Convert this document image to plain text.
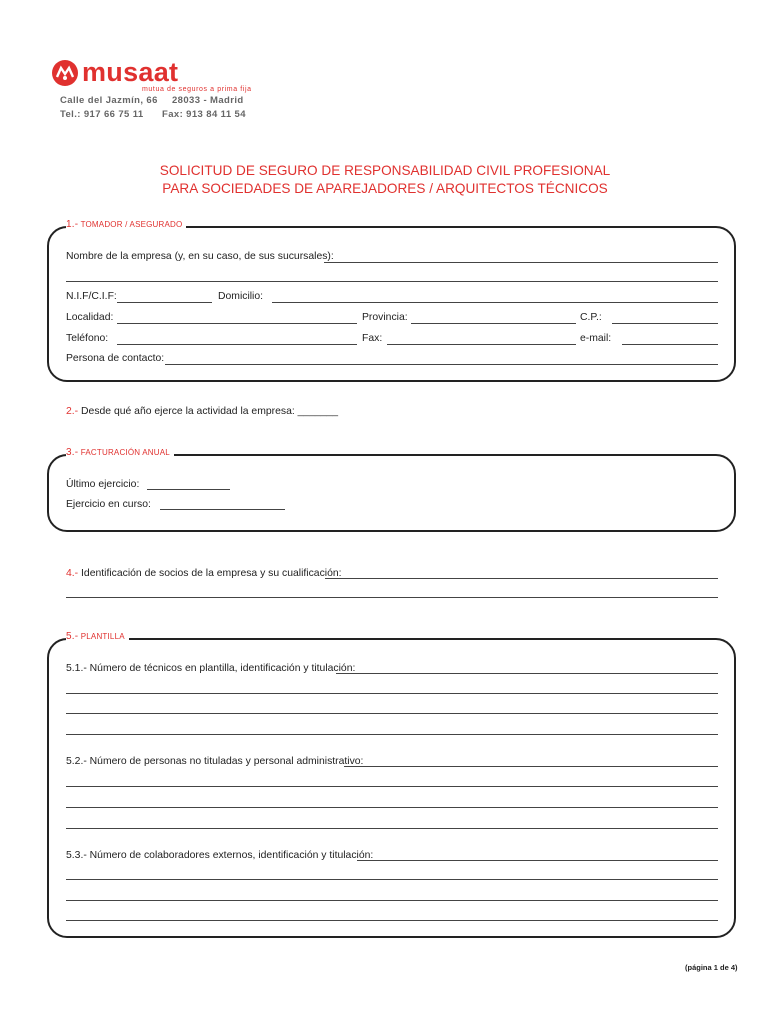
musaat
mutua de seguros a prima fija
Calle del Jazmín, 66 28033 - Madrid
Tel.: 917 66 75 11 Fax: 913 84 11 54
SOLICITUD DE SEGURO DE RESPONSABILIDAD CIVIL PROFESIONAL
PARA SOCIEDADES DE APAREJADORES / ARQUITECTOS TÉCNICOS
1.- TOMADOR / ASEGURADO
Nombre de la empresa (y, en su caso, de sus sucursales):
N.I.F/C.I.F:	Domicilio:
Localidad:	Provincia:	C.P.:
Teléfono:	Fax:	e-mail:
Persona de contacto:
2.- Desde qué año ejerce la actividad la empresa: _______
3.- FACTURACIÓN ANUAL
Último ejercicio:
Ejercicio en curso:
4.- Identificación de socios de la empresa y su cualificación:
5.- PLANTILLA
5.1.- Número de técnicos en plantilla, identificación y titulación:
5.2.- Número de personas no tituladas y personal administrativo:
5.3.- Número de colaboradores externos, identificación y titulación:
(página 1 de 4)
